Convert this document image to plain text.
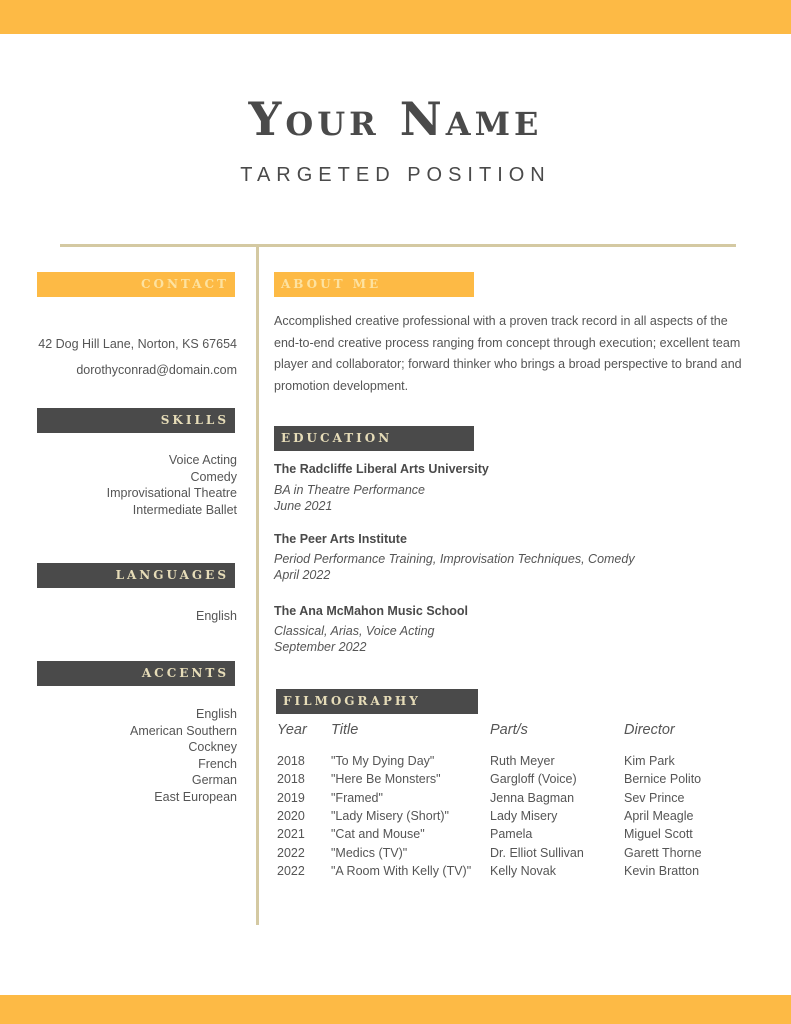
Your Name
TARGETED POSITION
CONTACT
42 Dog Hill Lane, Norton, KS 67654
dorothyconrad@domain.com
SKILLS
Voice Acting
Comedy
Improvisational Theatre
Intermediate Ballet
LANGUAGES
English
ACCENTS
English
American Southern
Cockney
French
German
East European
ABOUT ME
Accomplished creative professional with a proven track record in all aspects of the end-to-end creative process ranging from concept through execution; excellent team player and collaborator; forward thinker who brings a broad perspective to brand and promotion development.
EDUCATION
The Radcliffe Liberal Arts University
BA in Theatre Performance
June 2021
The Peer Arts Institute
Period Performance Training, Improvisation Techniques, Comedy
April 2022
The Ana McMahon Music School
Classical, Arias, Voice Acting
September 2022
FILMOGRAPHY
Year	Title	Part/s	Director
2018	"To My Dying Day"	Ruth Meyer	Kim Park
2018	"Here Be Monsters"	Gargloff (Voice)	Bernice Polito
2019	"Framed"	Jenna Bagman	Sev Prince
2020	"Lady Misery (Short)"	Lady Misery	April Meagle
2021	"Cat and Mouse"	Pamela	Miguel Scott
2022	"Medics (TV)"	Dr. Elliot Sullivan	Garett Thorne
2022	"A Room With Kelly (TV)"	Kelly Novak	Kevin Bratton
